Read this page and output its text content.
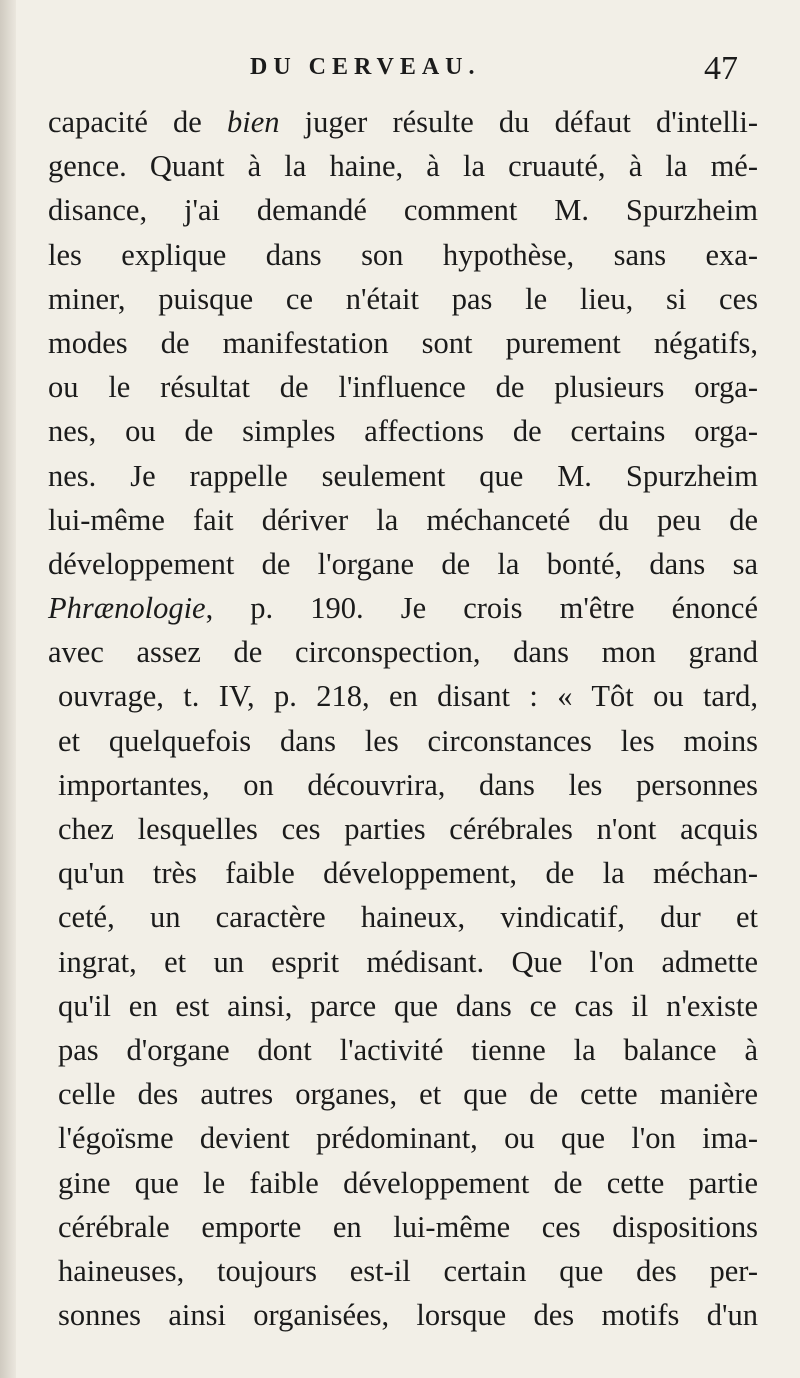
DU CERVEAU.	47
capacité de bien juger résulte du défaut d'intelli-
gence. Quant à la haine, à la cruauté, à la mé-
disance, j'ai demandé comment M. Spurzheim
les explique dans son hypothèse, sans exa-
miner, puisque ce n'était pas le lieu, si ces
modes de manifestation sont purement négatifs,
ou le résultat de l'influence de plusieurs orga-
nes, ou de simples affections de certains orga-
nes. Je rappelle seulement que M. Spurzheim
lui-même fait dériver la méchanceté du peu de
développement de l'organe de la bonté, dans sa
Phrænologie, p. 190. Je crois m'être énoncé
avec assez de circonspection, dans mon grand
ouvrage, t. IV, p. 218, en disant : « Tôt ou tard,
et quelquefois dans les circonstances les moins
importantes, on découvrira, dans les personnes
chez lesquelles ces parties cérébrales n'ont acquis
qu'un très faible développement, de la méchan-
ceté, un caractère haineux, vindicatif, dur et
ingrat, et un esprit médisant. Que l'on admette
qu'il en est ainsi, parce que dans ce cas il n'existe
pas d'organe dont l'activité tienne la balance à
celle des autres organes, et que de cette manière
l'égoïsme devient prédominant, ou que l'on ima-
gine que le faible développement de cette partie
cérébrale emporte en lui-même ces dispositions
haineuses, toujours est-il certain que des per-
sonnes ainsi organisées, lorsque des motifs d'un
